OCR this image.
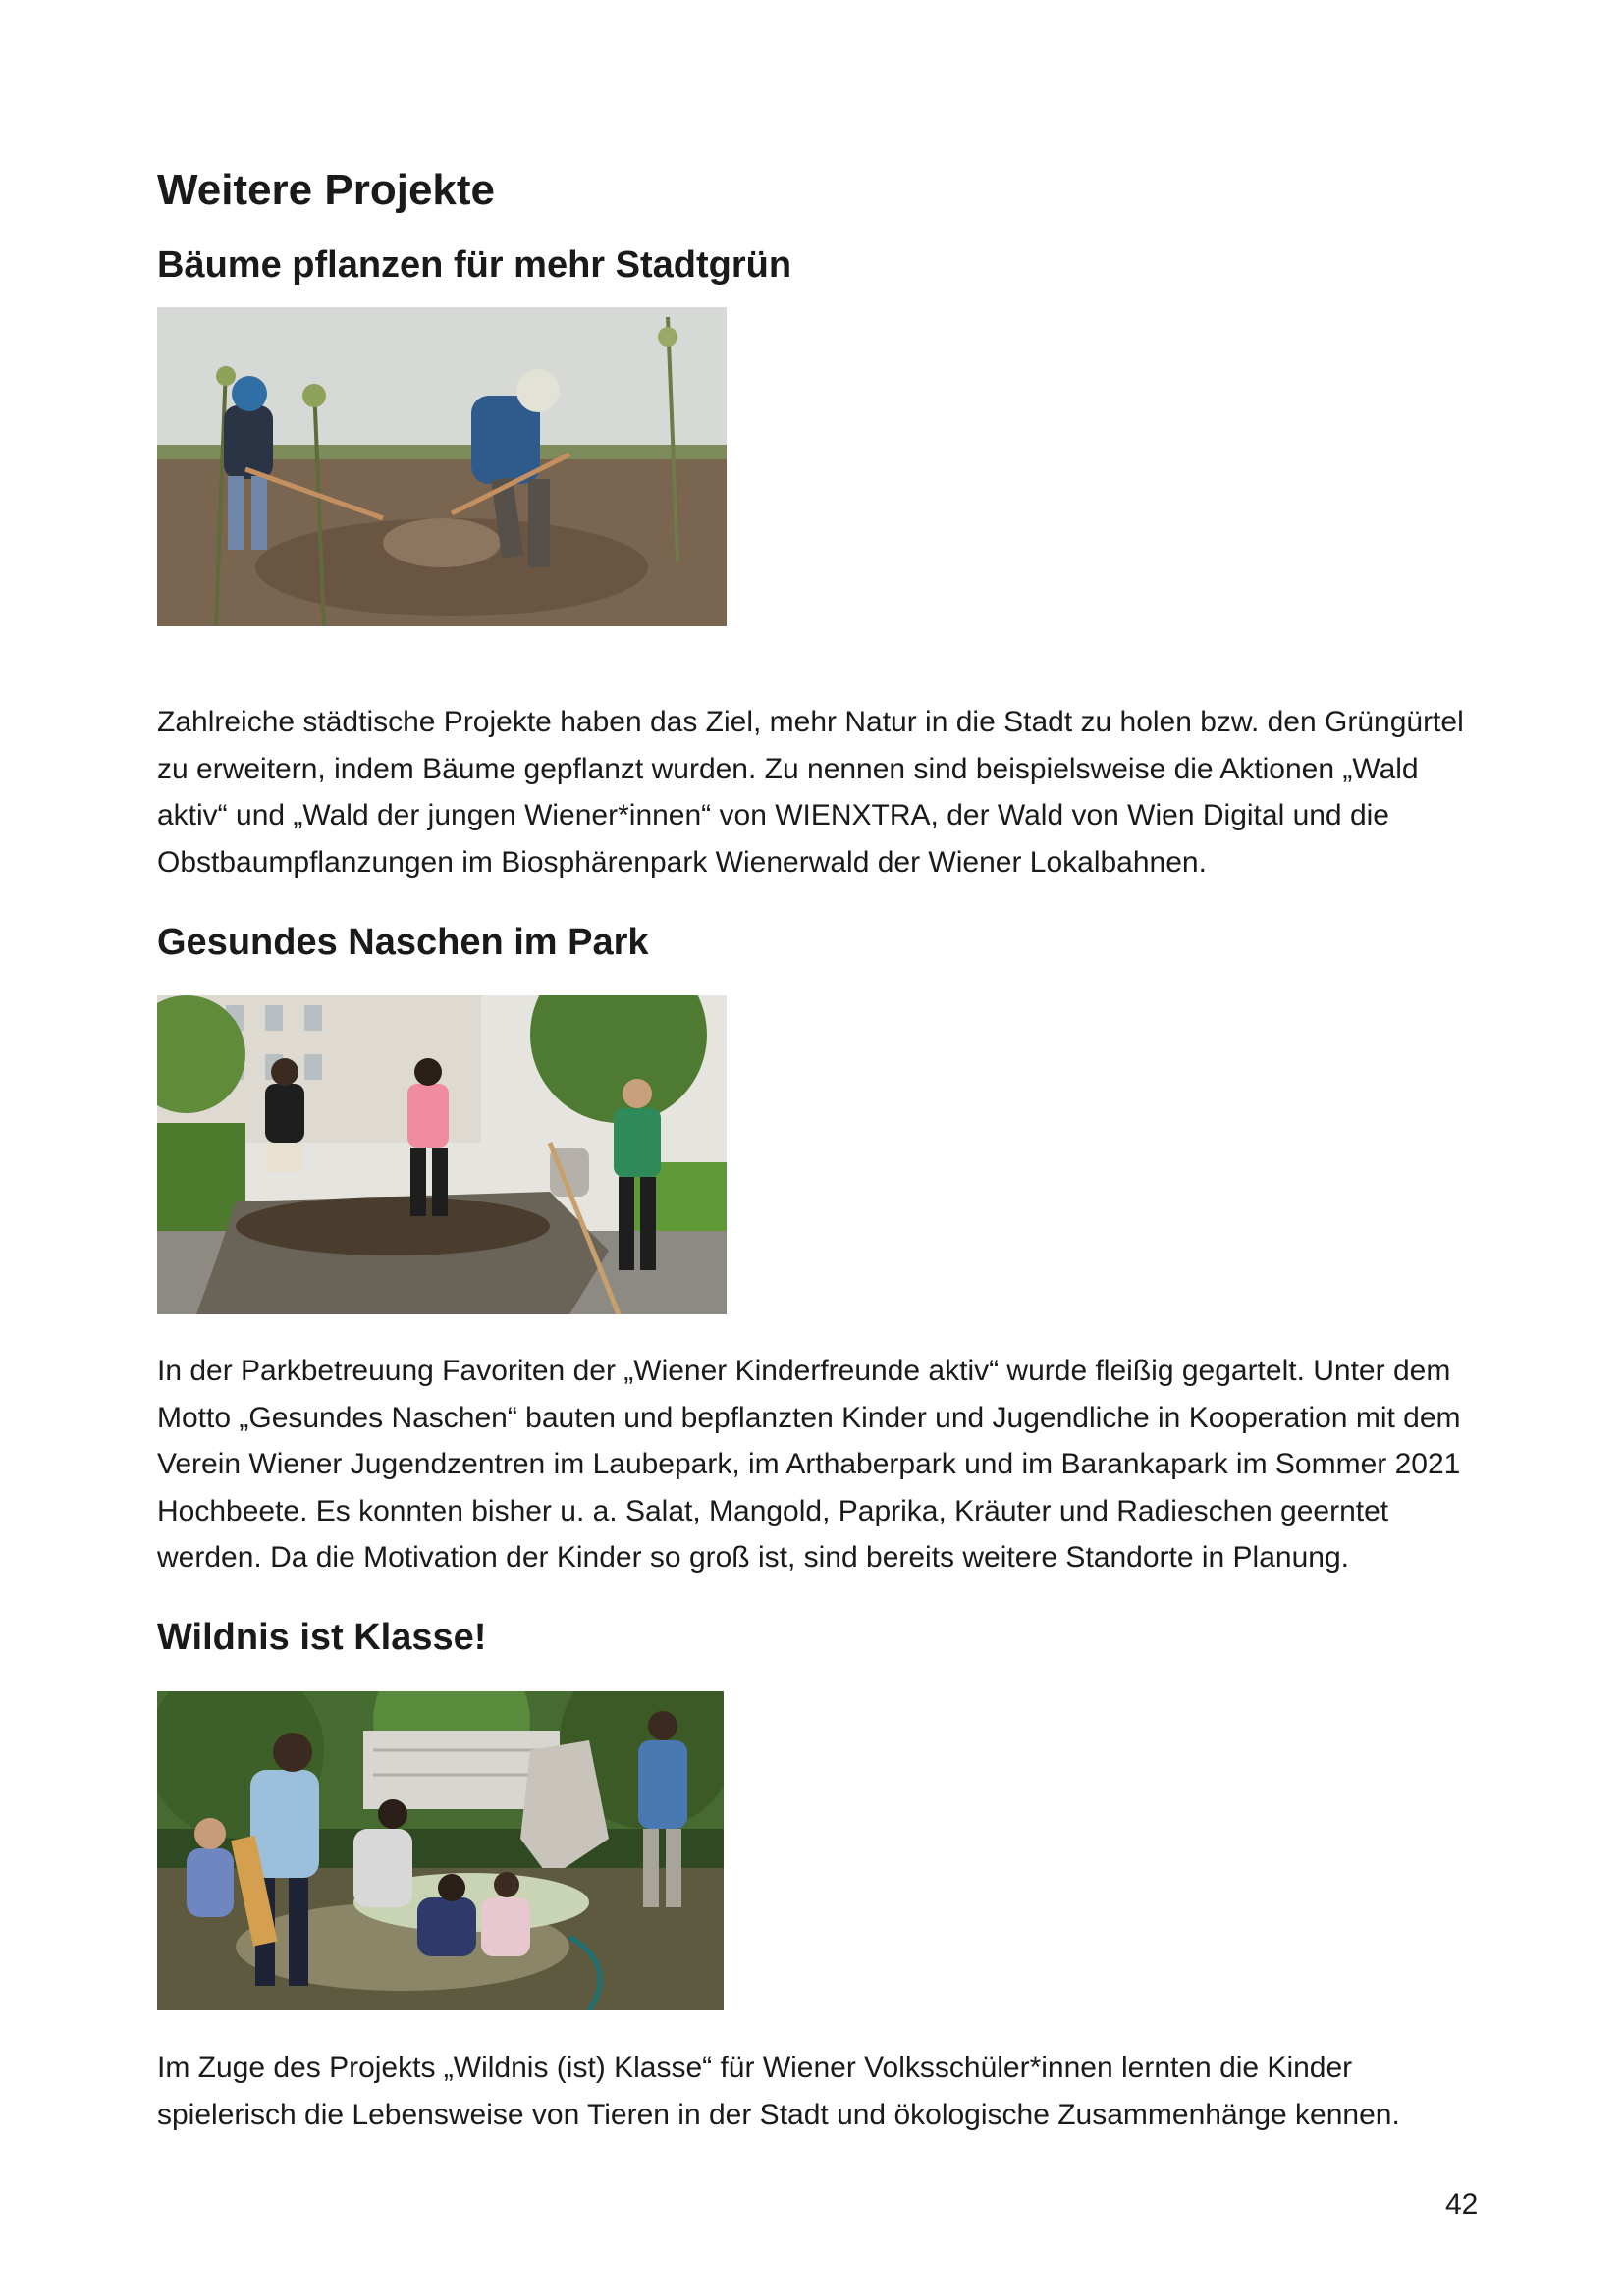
Weitere Projekte
Bäume pflanzen für mehr Stadtgrün

Zahlreiche städtische Projekte haben das Ziel, mehr Natur in die Stadt zu holen bzw. den Grüngürtel zu erweitern, indem Bäume gepflanzt wurden. Zu nennen sind beispielsweise die Aktionen „Wald aktiv“ und „Wald der jungen Wiener*innen“ von WIENXTRA, der Wald von Wien Digital und die Obstbaumpflanzungen im Biosphärenpark Wienerwald der Wiener Lokalbahnen.

Gesundes Naschen im Park

In der Parkbetreuung Favoriten der „Wiener Kinderfreunde aktiv“ wurde fleißig gegartelt. Unter dem Motto „Gesundes Naschen“ bauten und bepflanzten Kinder und Jugendliche in Kooperation mit dem Verein Wiener Jugendzentren im Laubepark, im Arthaberpark und im Barankapark im Sommer 2021 Hochbeete. Es konnten bisher u. a. Salat, Mangold, Paprika, Kräuter und Radieschen geerntet werden. Da die Motivation der Kinder so groß ist, sind bereits weitere Standorte in Planung.

Wildnis ist Klasse!

Im Zuge des Projekts „Wildnis (ist) Klasse“ für Wiener Volksschüler*innen lernten die Kinder spielerisch die Lebensweise von Tieren in der Stadt und ökologische Zusammenhänge kennen.

42
